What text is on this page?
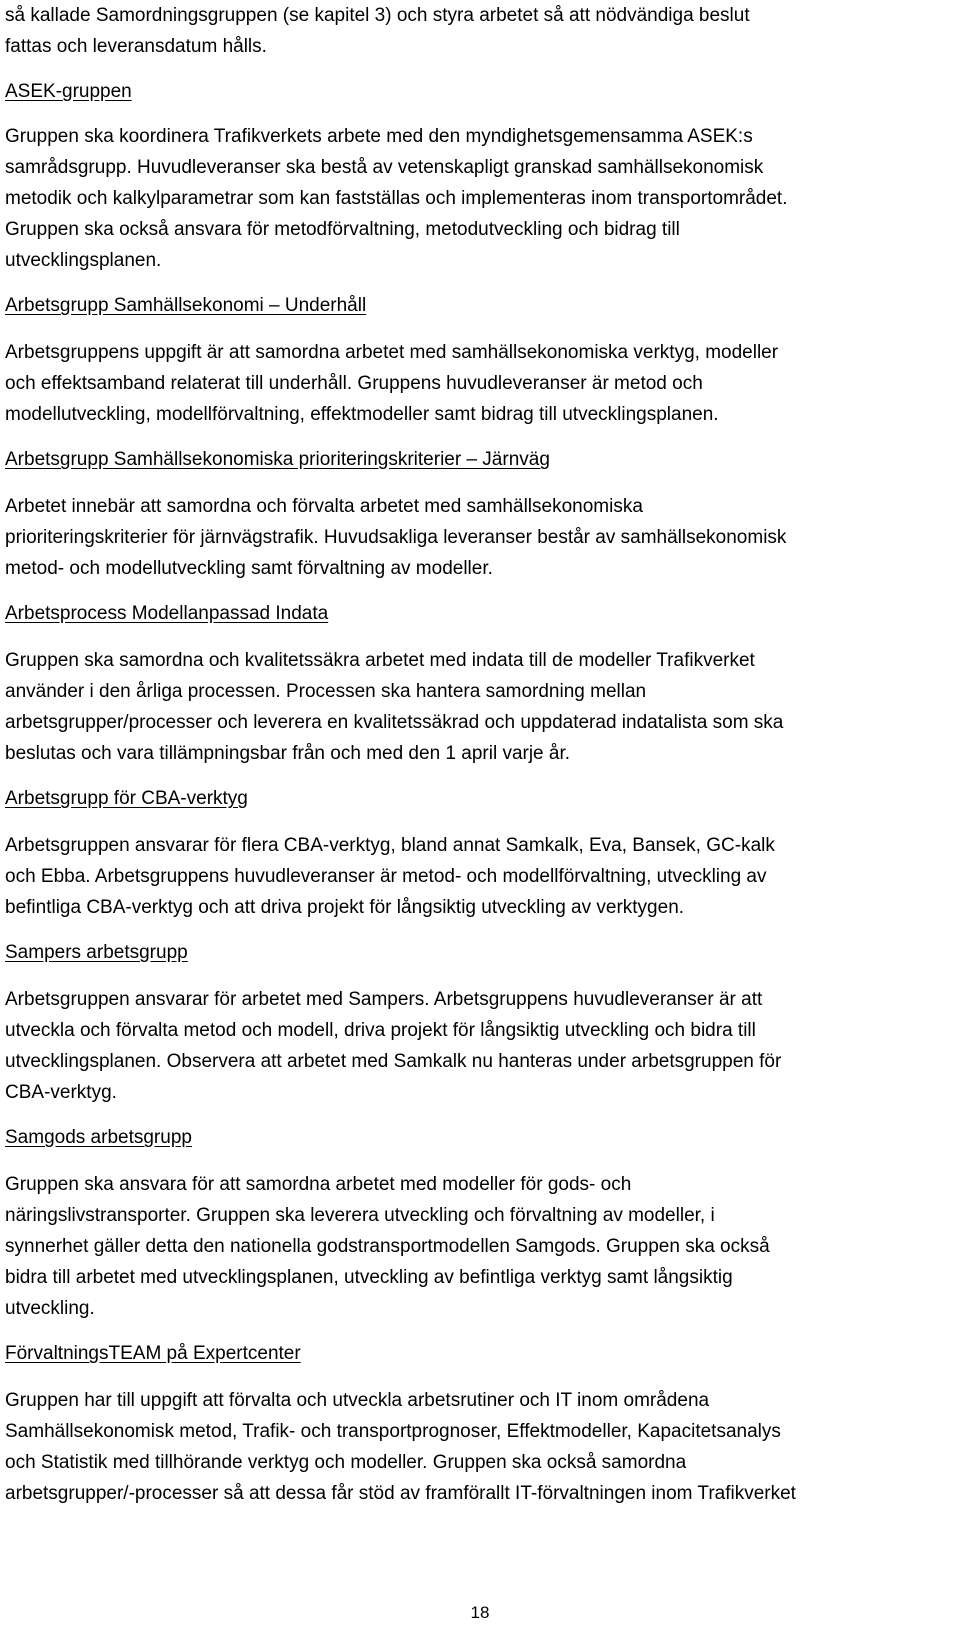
så kallade Samordningsgruppen (se kapitel 3) och styra arbetet så att nödvändiga beslut
fattas och leveransdatum hålls.
ASEK-gruppen
Gruppen ska koordinera Trafikverkets arbete med den myndighetsgemensamma ASEK:s
samrådsgrupp. Huvudleveranser ska bestå av vetenskapligt granskad samhällsekonomisk
metodik och kalkylparametrar som kan fastställas och implementeras inom transportområdet.
Gruppen ska också ansvara för metodförvaltning, metodutveckling och bidrag till
utvecklingsplanen.
Arbetsgrupp Samhällsekonomi – Underhåll
Arbetsgruppens uppgift är att samordna arbetet med samhällsekonomiska verktyg, modeller
och effektsamband relaterat till underhåll. Gruppens huvudleveranser är metod och
modellutveckling, modellförvaltning, effektmodeller samt bidrag till utvecklingsplanen.
Arbetsgrupp Samhällsekonomiska prioriteringskriterier – Järnväg
Arbetet innebär att samordna och förvalta arbetet med samhällsekonomiska
prioriteringskriterier för järnvägstrafik. Huvudsakliga leveranser består av samhällsekonomisk
metod- och modellutveckling samt förvaltning av modeller.
Arbetsprocess Modellanpassad Indata
Gruppen ska samordna och kvalitetssäkra arbetet med indata till de modeller Trafikverket
använder i den årliga processen. Processen ska hantera samordning mellan
arbetsgrupper/processer och leverera en kvalitetssäkrad och uppdaterad indatalista som ska
beslutas och vara tillämpningsbar från och med den 1 april varje år.
Arbetsgrupp för CBA-verktyg
Arbetsgruppen ansvarar för flera CBA-verktyg, bland annat Samkalk, Eva, Bansek, GC-kalk
och Ebba. Arbetsgruppens huvudleveranser är metod- och modellförvaltning, utveckling av
befintliga CBA-verktyg och att driva projekt för långsiktig utveckling av verktygen.
Sampers arbetsgrupp
Arbetsgruppen ansvarar för arbetet med Sampers. Arbetsgruppens huvudleveranser är att
utveckla och förvalta metod och modell, driva projekt för långsiktig utveckling och bidra till
utvecklingsplanen. Observera att arbetet med Samkalk nu hanteras under arbetsgruppen för
CBA-verktyg.
Samgods arbetsgrupp
Gruppen ska ansvara för att samordna arbetet med modeller för gods- och
näringslivstransporter. Gruppen ska leverera utveckling och förvaltning av modeller, i
synnerhet gäller detta den nationella godstransportmodellen Samgods. Gruppen ska också
bidra till arbetet med utvecklingsplanen, utveckling av befintliga verktyg samt långsiktig
utveckling.
FörvaltningsTEAM på Expertcenter
Gruppen har till uppgift att förvalta och utveckla arbetsrutiner och IT inom områdena
Samhällsekonomisk metod, Trafik- och transportprognoser, Effektmodeller, Kapacitetsanalys
och Statistik med tillhörande verktyg och modeller. Gruppen ska också samordna
arbetsgrupper/-processer så att dessa får stöd av framförallt IT-förvaltningen inom Trafikverket
18
